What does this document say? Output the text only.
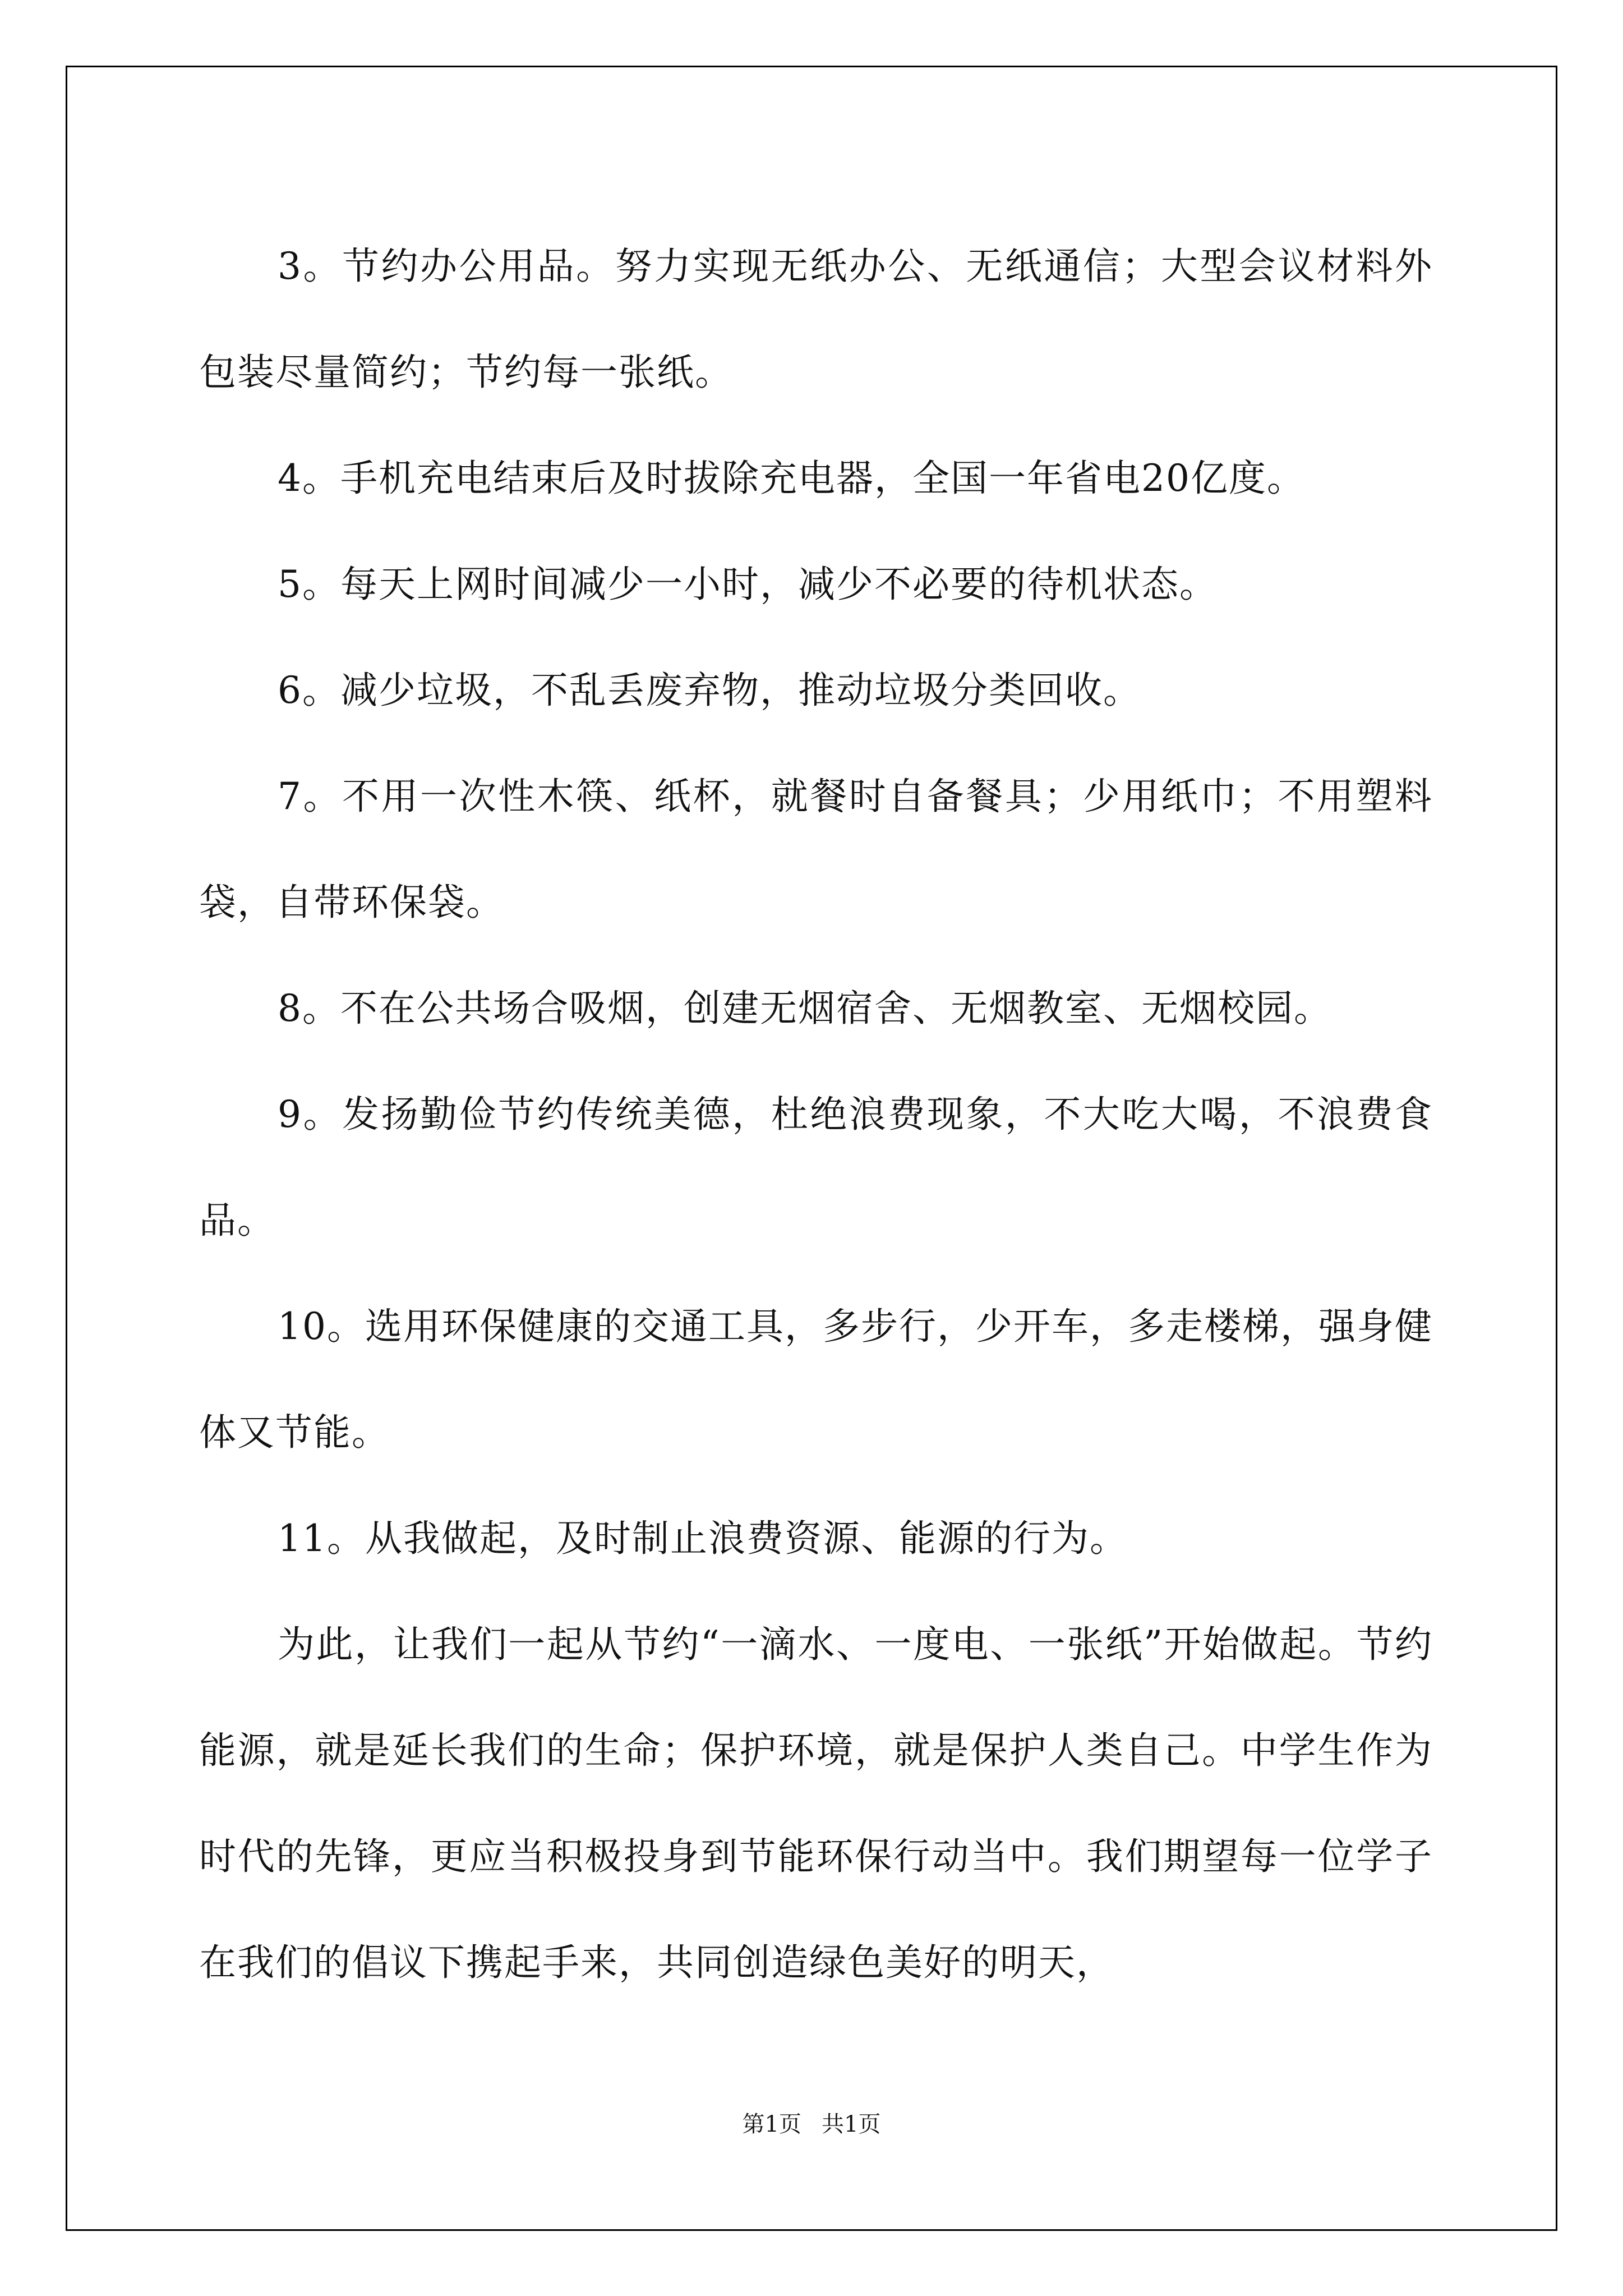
3。节约办公用品。努力实现无纸办公、无纸通信；大型会议材料外包装尽量简约；节约每一张纸。

4。手机充电结束后及时拔除充电器，全国一年省电20亿度。

5。每天上网时间减少一小时，减少不必要的待机状态。

6。减少垃圾，不乱丢废弃物，推动垃圾分类回收。

7。不用一次性木筷、纸杯，就餐时自备餐具；少用纸巾；不用塑料袋，自带环保袋。

8。不在公共场合吸烟，创建无烟宿舍、无烟教室、无烟校园。

9。发扬勤俭节约传统美德，杜绝浪费现象，不大吃大喝，不浪费食品。

10。选用环保健康的交通工具，多步行，少开车，多走楼梯，强身健体又节能。

11。从我做起，及时制止浪费资源、能源的行为。

为此，让我们一起从节约“一滴水、一度电、一张纸”开始做起。节约能源，就是延长我们的生命；保护环境，就是保护人类自己。中学生作为时代的先锋，更应当积极投身到节能环保行动当中。我们期望每一位学子在我们的倡议下携起手来，共同创造绿色美好的明天，

第1页 共1页
